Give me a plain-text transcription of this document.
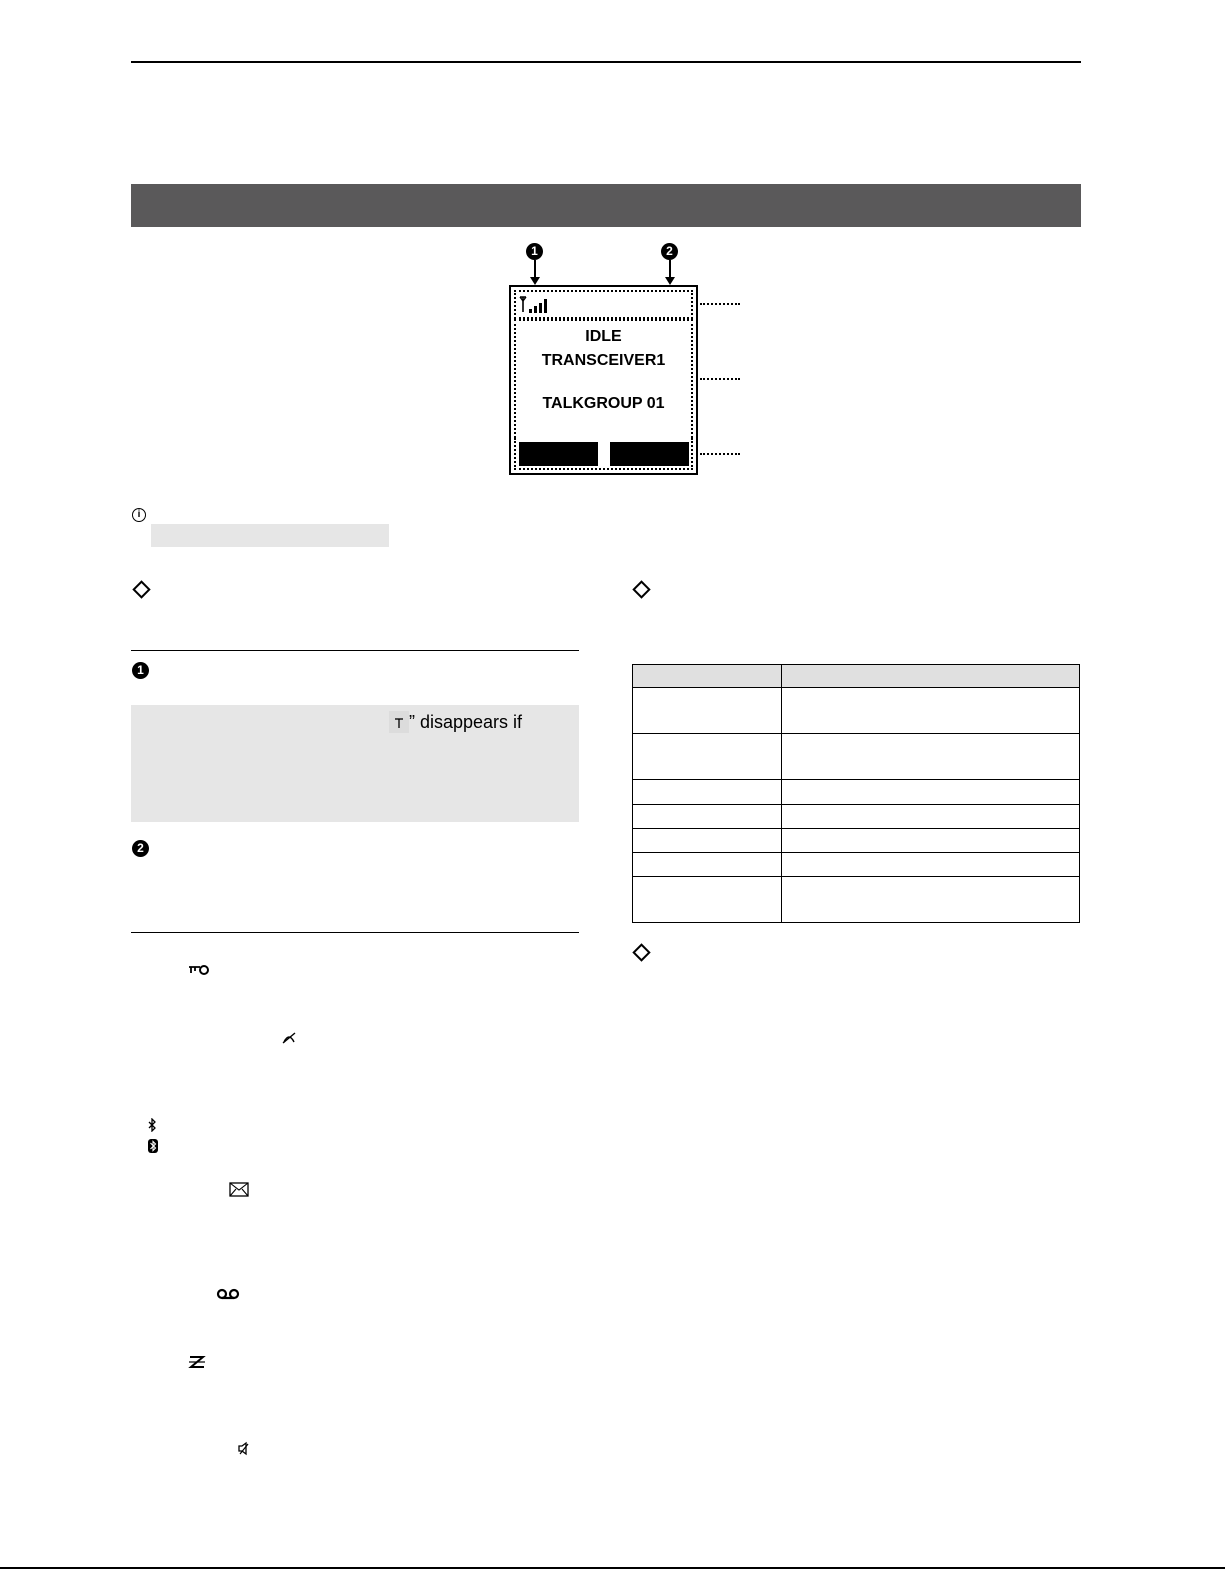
1	2
IDLE
TRANSCEIVER1
TALKGROUP 01
i
1
” disappears if
2
